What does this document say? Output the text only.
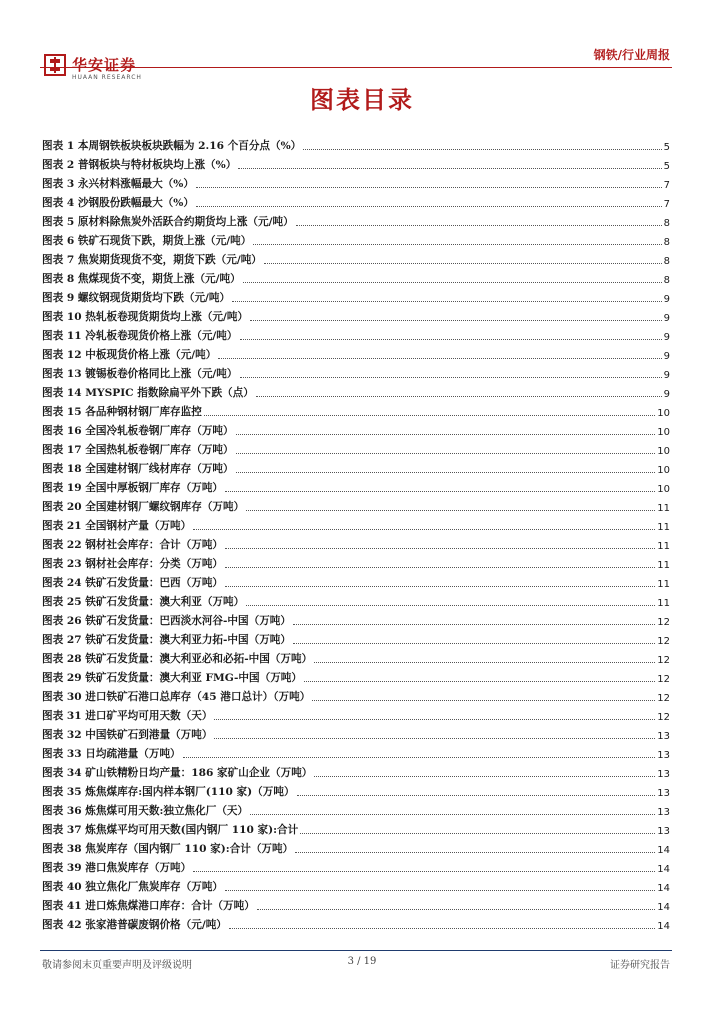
华安证券
HUAAN RESEARCH
钢铁/行业周报
图表目录
图表 1 本周钢铁板块板块跌幅为 2.16 个百分点（%）	5
图表 2 普钢板块与特材板块均上涨（%）	5
图表 3 永兴材料涨幅最大（%）	7
图表 4 沙钢股份跌幅最大（%）	7
图表 5 原材料除焦炭外活跃合约期货均上涨（元/吨）	8
图表 6 铁矿石现货下跌，期货上涨（元/吨）	8
图表 7 焦炭期货现货不变，期货下跌（元/吨）	8
图表 8 焦煤现货不变，期货上涨（元/吨）	8
图表 9 螺纹钢现货期货均下跌（元/吨）	9
图表 10 热轧板卷现货期货均上涨（元/吨）	9
图表 11 冷轧板卷现货价格上涨（元/吨）	9
图表 12 中板现货价格上涨（元/吨）	9
图表 13 镀锡板卷价格同比上涨（元/吨）	9
图表 14 MYSPIC 指数除扁平外下跌（点）	9
图表 15 各品种钢材钢厂库存监控	10
图表 16 全国冷轧板卷钢厂库存（万吨）	10
图表 17 全国热轧板卷钢厂库存（万吨）	10
图表 18 全国建材钢厂线材库存（万吨）	10
图表 19 全国中厚板钢厂库存（万吨）	10
图表 20 全国建材钢厂螺纹钢库存（万吨）	11
图表 21 全国钢材产量（万吨）	11
图表 22 钢材社会库存：合计（万吨）	11
图表 23 钢材社会库存：分类（万吨）	11
图表 24 铁矿石发货量：巴西（万吨）	11
图表 25 铁矿石发货量：澳大利亚（万吨）	11
图表 26 铁矿石发货量：巴西淡水河谷-中国（万吨）	12
图表 27 铁矿石发货量：澳大利亚力拓-中国（万吨）	12
图表 28 铁矿石发货量：澳大利亚必和必拓-中国（万吨）	12
图表 29 铁矿石发货量：澳大利亚 FMG-中国（万吨）	12
图表 30 进口铁矿石港口总库存（45 港口总计）（万吨）	12
图表 31 进口矿平均可用天数（天）	12
图表 32 中国铁矿石到港量（万吨）	13
图表 33 日均疏港量（万吨）	13
图表 34 矿山铁精粉日均产量：186 家矿山企业（万吨）	13
图表 35 炼焦煤库存:国内样本钢厂(110 家)（万吨）	13
图表 36 炼焦煤可用天数:独立焦化厂（天）	13
图表 37 炼焦煤平均可用天数(国内钢厂 110 家):合计	13
图表 38 焦炭库存（国内钢厂 110 家):合计（万吨）	14
图表 39 港口焦炭库存（万吨）	14
图表 40 独立焦化厂焦炭库存（万吨）	14
图表 41 进口炼焦煤港口库存：合计（万吨）	14
图表 42 张家港普碳废钢价格（元/吨）	14
敬请参阅末页重要声明及评级说明	3 / 19	证券研究报告
